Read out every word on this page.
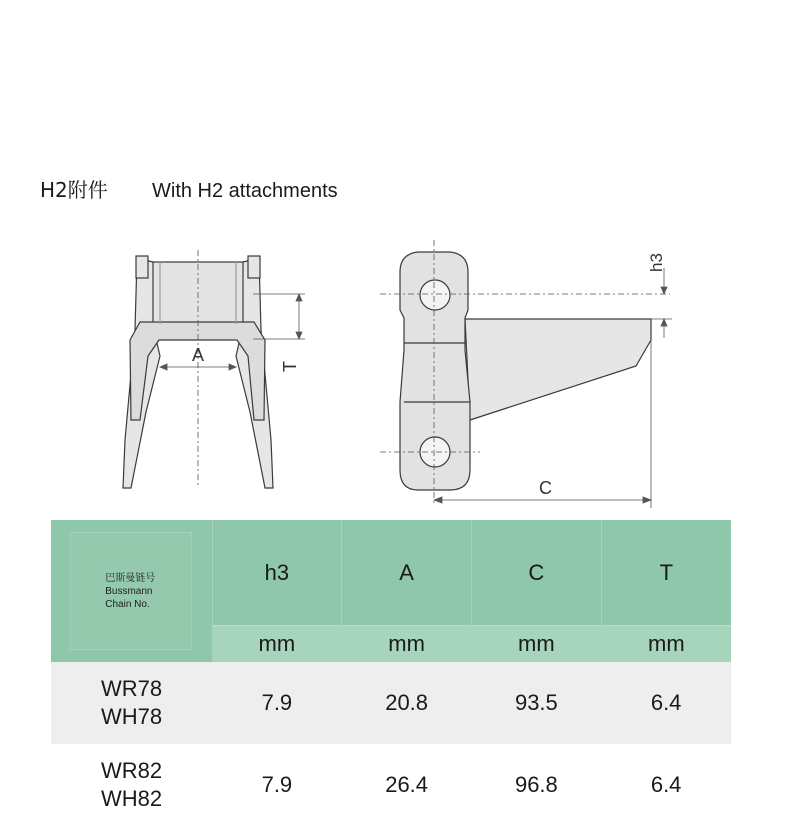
H2附件 With H2 attachments
A
T
h3
C
巴斯曼链号
Bussmann
Chain No.	h3	A	C	T
	mm	mm	mm	mm

WR78
WH78	7.9	20.8	93.5	6.4

WR82
WH82	7.9	26.4	96.8	6.4
